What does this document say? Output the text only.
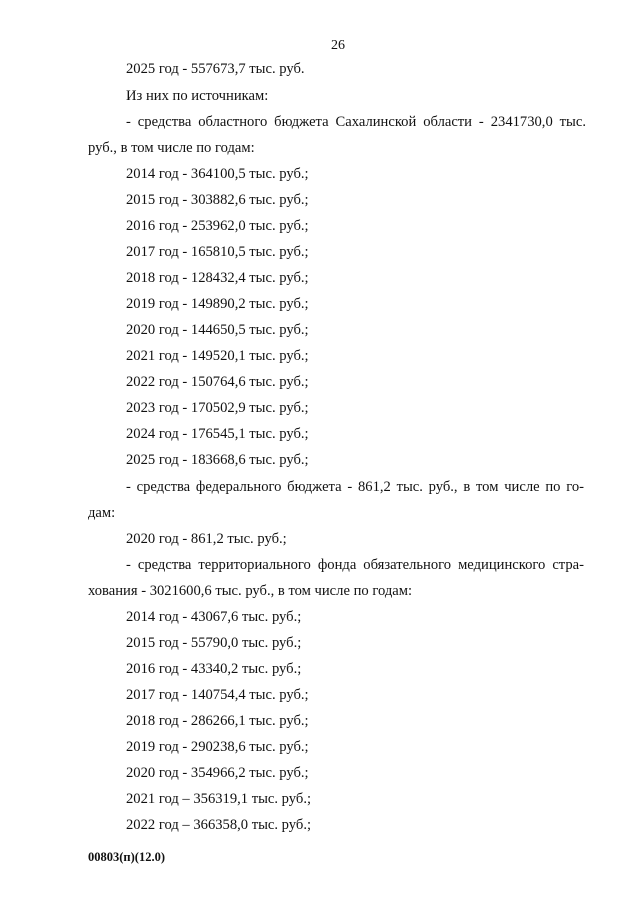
26
2025 год - 557673,7 тыс. руб.
Из них по источникам:
- средства областного бюджета Сахалинской области - 2341730,0 тыс.
руб., в том числе по годам:
2014 год - 364100,5 тыс. руб.;
2015 год - 303882,6 тыс. руб.;
2016 год - 253962,0 тыс. руб.;
2017 год - 165810,5 тыс. руб.;
2018 год - 128432,4 тыс. руб.;
2019 год - 149890,2 тыс. руб.;
2020 год - 144650,5 тыс. руб.;
2021 год - 149520,1 тыс. руб.;
2022 год - 150764,6 тыс. руб.;
2023 год - 170502,9 тыс. руб.;
2024 год - 176545,1 тыс. руб.;
2025 год - 183668,6 тыс. руб.;
- средства федерального бюджета - 861,2 тыс. руб., в том числе по го-
дам:
2020 год - 861,2 тыс. руб.;
- средства территориального фонда обязательного медицинского стра-
хования - 3021600,6 тыс. руб., в том числе по годам:
2014 год - 43067,6 тыс. руб.;
2015 год - 55790,0 тыс. руб.;
2016 год - 43340,2 тыс. руб.;
2017 год - 140754,4 тыс. руб.;
2018 год - 286266,1 тыс. руб.;
2019 год - 290238,6 тыс. руб.;
2020 год - 354966,2 тыс. руб.;
2021 год – 356319,1 тыс. руб.;
2022 год – 366358,0 тыс. руб.;
00803(п)(12.0)
